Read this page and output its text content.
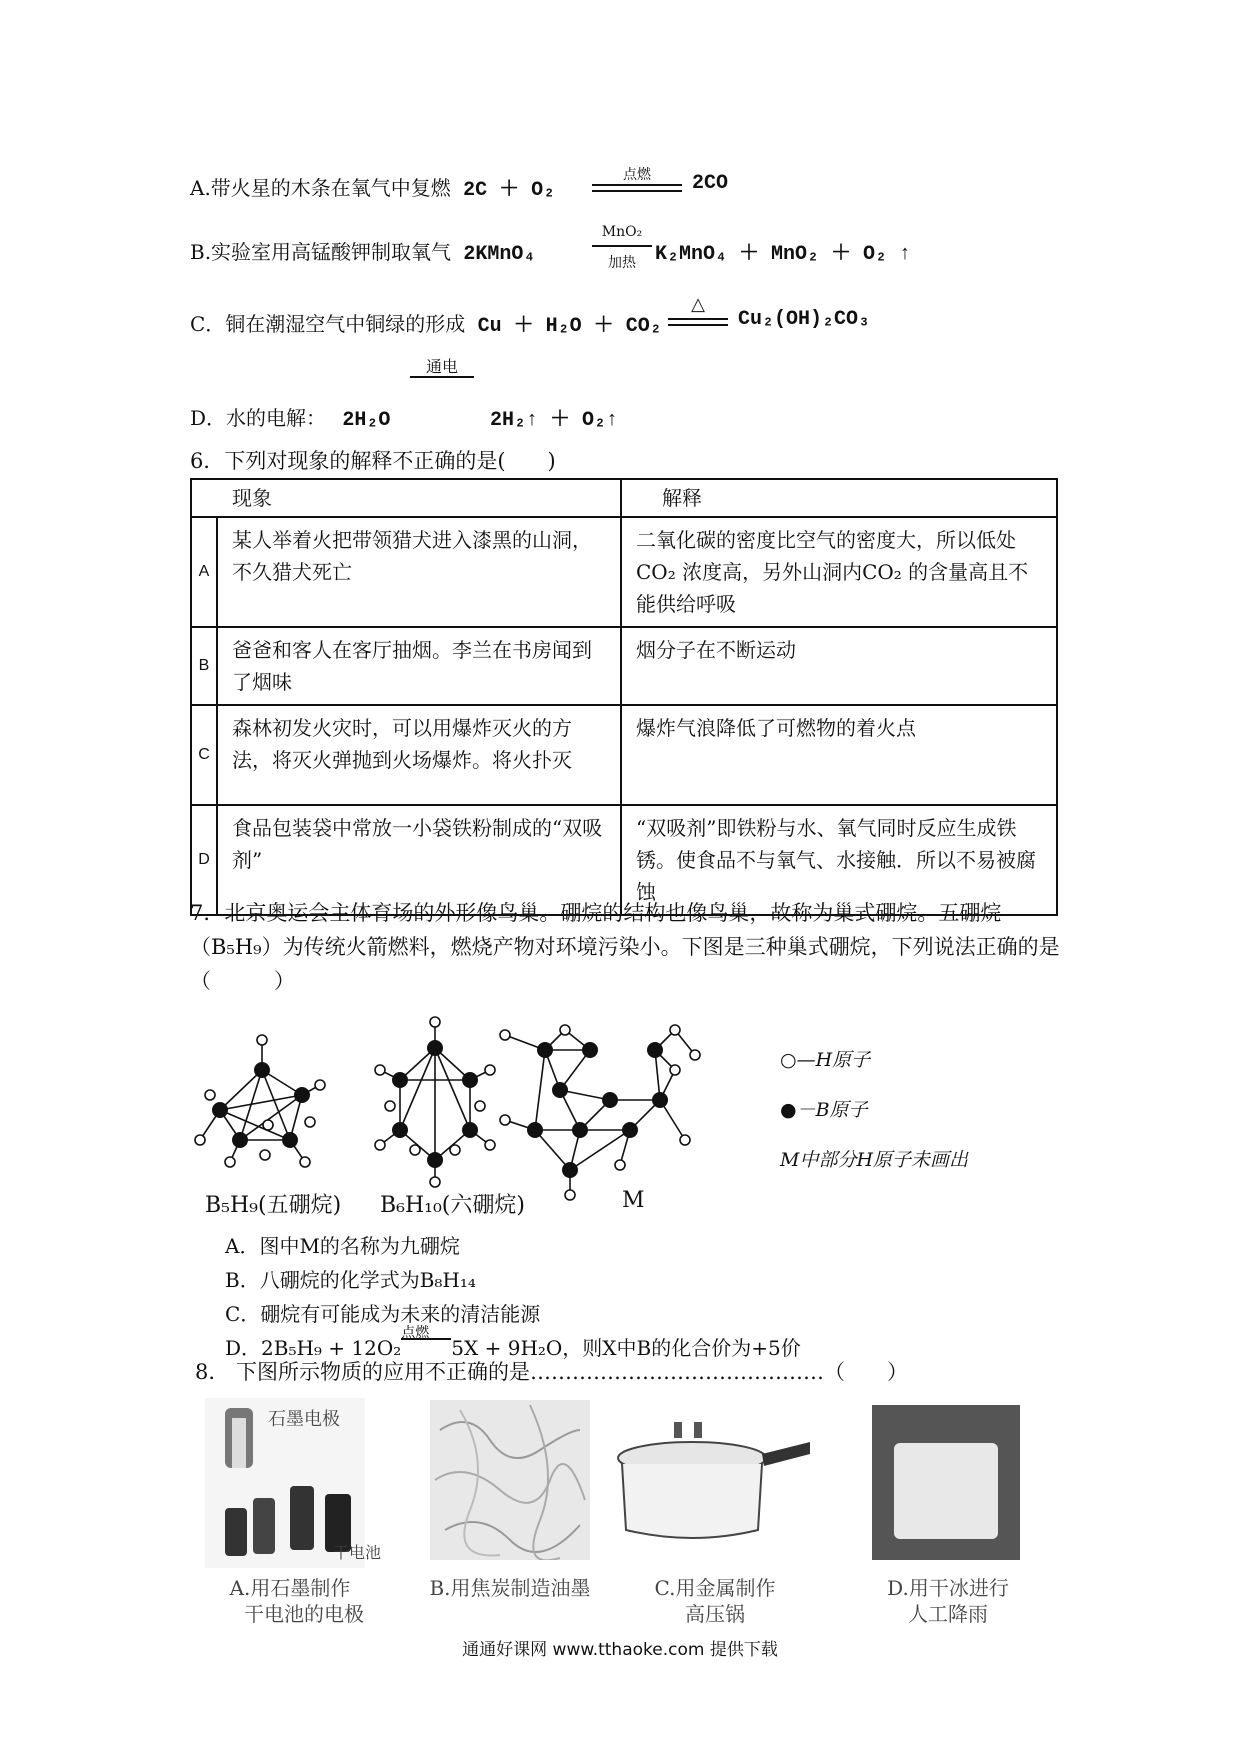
A.带火星的木条在氧气中复燃 2C ＋ O₂
点燃	2CO
B.实验室用高锰酸钾制取氧气 2KMnO₄
MnO₂
加热 K₂MnO₄ ＋ MnO₂ ＋ O₂ ↑
C．铜在潮湿空气中铜绿的形成 Cu ＋ H₂O ＋ CO₂
△
Cu₂(OH)₂CO₃
通电
D．水的电解： 2H₂O	2H₂↑ ＋ O₂↑
6．下列对现象的解释不正确的是(　　)
现象		解释
A	某人举着火把带领猎犬进入漆黑的山洞，不久猎犬死亡	二氧化碳的密度比空气的密度大，所以低处CO₂ 浓度高，另外山洞内CO₂ 的含量高且不能供给呼吸
B	爸爸和客人在客厅抽烟。李兰在书房闻到了烟味	烟分子在不断运动
C	森林初发火灾时，可以用爆炸灭火的方法，将灭火弹抛到火场爆炸。将火扑灭	爆炸气浪降低了可燃物的着火点
D	食品包装袋中常放一小袋铁粉制成的“双吸剂”	“双吸剂”即铁粉与水、氧气同时反应生成铁锈。使食品不与氧气、水接触．所以不易被腐蚀
7．北京奥运会主体育场的外形像鸟巢。硼烷的结构也像鸟巢，故称为巢式硼烷。五硼烷（B₅H₉）为传统火箭燃料，燃烧产物对环境污染小。下图是三种巢式硼烷，下列说法正确的是（　　　）
○—H原子
●－B原子
M中部分H原子未画出
B₅H₉(五硼烷) B₆H₁₀(六硼烷)	M
A．图中M的名称为九硼烷
B．八硼烷的化学式为B₈H₁₄
C．硼烷有可能成为未来的清洁能源
D．2B₅H₉ + 12O₂
点燃
5X + 9H₂O，则X中B的化合价为+5价
8． 下图所示物质的应用不正确的是……………………………………（　　）
石墨电极
干电池
A.用石墨制作
干电池的电极
B.用焦炭制造油墨	C.用金属制作
高压锅
D.用干冰进行
人工降雨
通通好课网 www.tthaoke.com 提供下载
